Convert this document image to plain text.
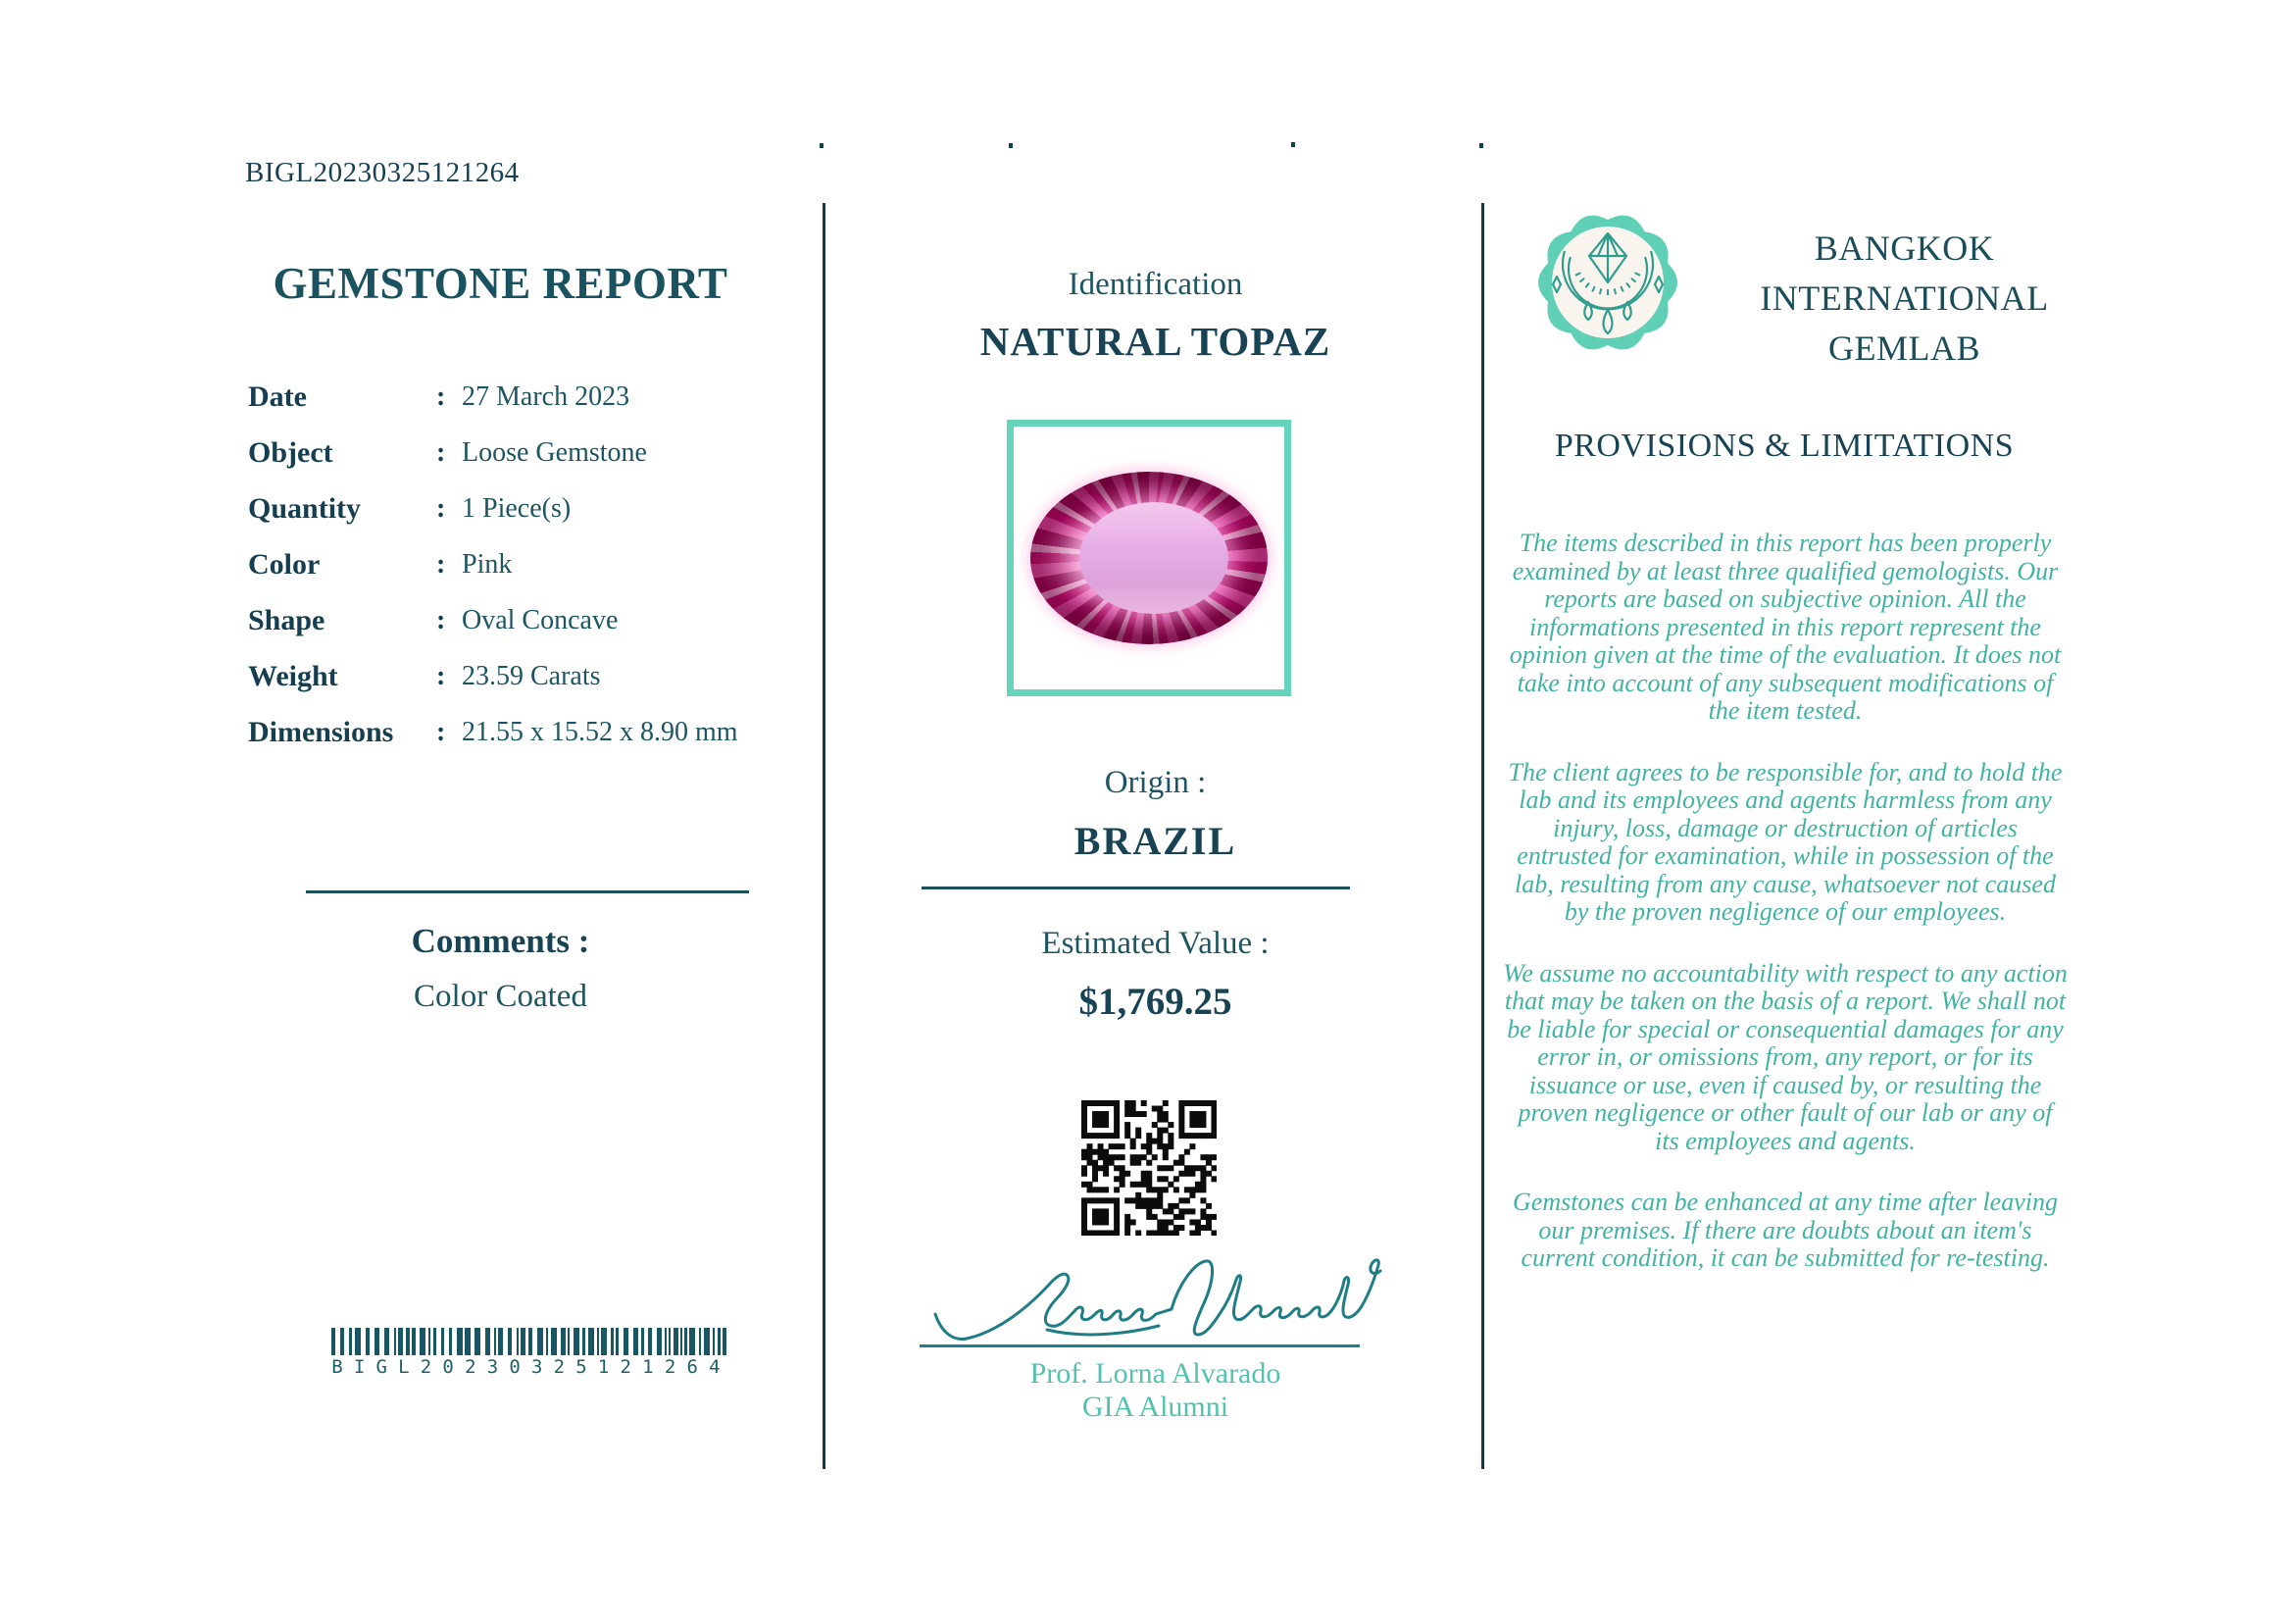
BIGL20230325121264
GEMSTONE REPORT
Date	: 27 March 2023
Object	: Loose Gemstone
Quantity	: 1 Piece(s)
Color	: Pink
Shape	: Oval Concave
Weight	: 23.59 Carats
Dimensions	: 21.55 x 15.52 x 8.90 mm
Comments :
Color Coated
BIGL20230325121264
Identification
NATURAL TOPAZ
Origin :
BRAZIL
Estimated Value :
$1,769.25
Prof. Lorna Alvarado
GIA Alumni
BANGKOK
INTERNATIONAL
GEMLAB
PROVISIONS & LIMITATIONS

The items described in this report has been properly examined by at least three qualified gemologists. Our reports are based on subjective opinion. All the informations presented in this report represent the opinion given at the time of the evaluation. It does not take into account of any subsequent modifications of the item tested.

The client agrees to be responsible for, and to hold the lab and its employees and agents harmless from any injury, loss, damage or destruction of articles entrusted for examination, while in possession of the lab, resulting from any cause, whatsoever not caused by the proven negligence of our employees.

We assume no accountability with respect to any action that may be taken on the basis of a report. We shall not be liable for special or consequential damages for any error in, or omissions from, any report, or for its issuance or use, even if caused by, or resulting the proven negligence or other fault of our lab or any of its employees and agents.

Gemstones can be enhanced at any time after leaving our premises. If there are doubts about an item's current condition, it can be submitted for re-testing.
